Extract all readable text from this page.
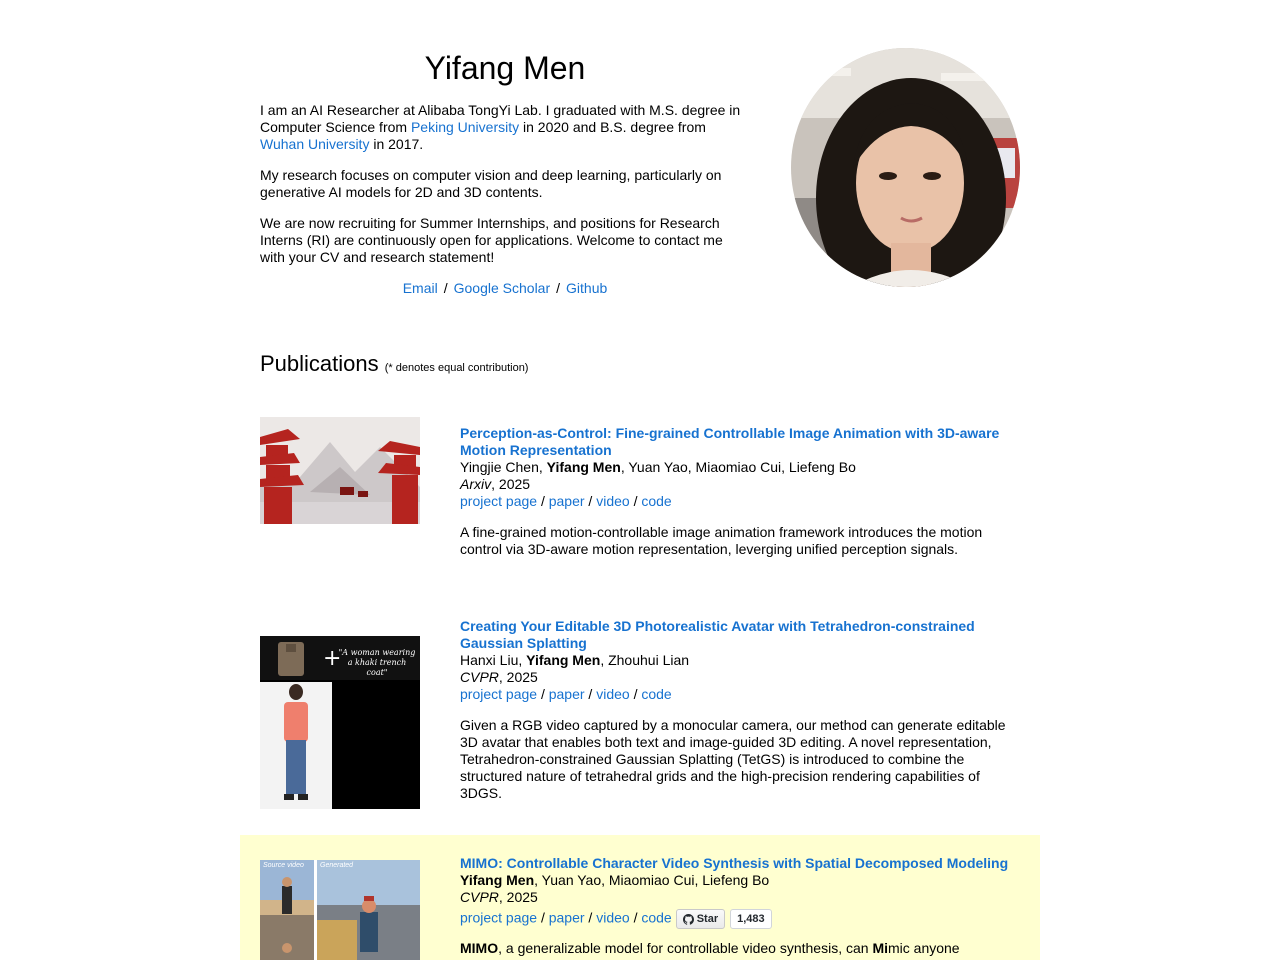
Yifang Men

I am an AI Researcher at Alibaba TongYi Lab. I graduated with M.S. degree in Computer Science from Peking University in 2020 and B.S. degree from Wuhan University in 2017.

My research focuses on computer vision and deep learning, particularly on generative AI models for 2D and 3D contents.

We are now recruiting for Summer Internships, and positions for Research Interns (RI) are continuously open for applications. Welcome to contact me with your CV and research statement!

Email / Google Scholar / Github
Publications (* denotes equal contribution)
Perception-as-Control: Fine-grained Controllable Image Animation with 3D-aware Motion Representation
Yingjie Chen, Yifang Men, Yuan Yao, Miaomiao Cui, Liefeng Bo
Arxiv, 2025
project page / paper / video / code

A fine-grained motion-controllable image animation framework introduces the motion control via 3D-aware motion representation, leverging unified perception signals.

+
"A woman wearing a khaki trench coat"
Creating Your Editable 3D Photorealistic Avatar with Tetrahedron-constrained Gaussian Splatting
Hanxi Liu, Yifang Men, Zhouhui Lian
CVPR, 2025
project page / paper / video / code

Given a RGB video captured by a monocular camera, our method can generate editable 3D avatar that enables both text and image-guided 3D editing. A novel representation, Tetrahedron-constrained Gaussian Splatting (TetGS) is introduced to combine the structured nature of tetrahedral grids and the high-precision rendering capabilities of 3DGS.

Source video Generated	MIMO: Controllable Character Video Synthesis with Spatial Decomposed Modeling
Yifang Men, Yuan Yao, Miaomiao Cui, Liefeng Bo
CVPR, 2025
project page / paper / video / code Star	1,483

MIMO, a generalizable model for controllable video synthesis, can Mimic anyone
